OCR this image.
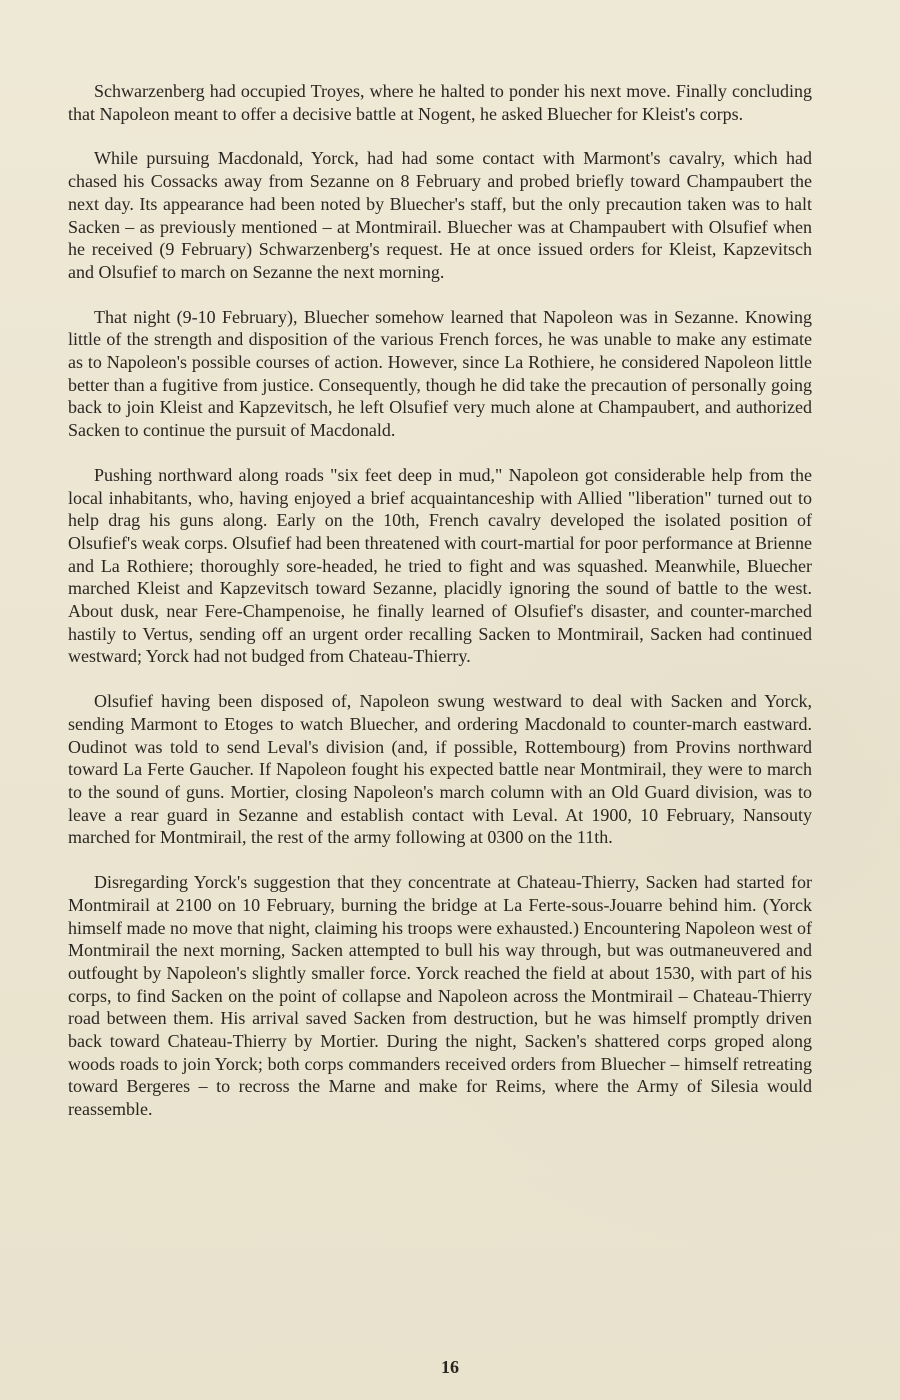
Schwarzenberg had occupied Troyes, where he halted to ponder his next move. Finally concluding that Napoleon meant to offer a decisive battle at Nogent, he asked Bluecher for Kleist's corps.

While pursuing Macdonald, Yorck, had had some contact with Marmont's cavalry, which had chased his Cossacks away from Sezanne on 8 February and probed briefly toward Champaubert the next day. Its appearance had been noted by Bluecher's staff, but the only precaution taken was to halt Sacken – as previously mentioned – at Montmirail. Bluecher was at Champaubert with Olsufief when he received (9 February) Schwarzenberg's request. He at once issued orders for Kleist, Kapzevitsch and Olsufief to march on Sezanne the next morning.

That night (9-10 February), Bluecher somehow learned that Napoleon was in Sezanne. Knowing little of the strength and disposition of the various French forces, he was unable to make any estimate as to Napoleon's possible courses of action. However, since La Rothiere, he considered Napoleon little better than a fugitive from justice. Consequently, though he did take the precaution of personally going back to join Kleist and Kapzevitsch, he left Olsufief very much alone at Champaubert, and authorized Sacken to continue the pursuit of Macdonald.

Pushing northward along roads "six feet deep in mud," Napoleon got considerable help from the local inhabitants, who, having enjoyed a brief acquaintanceship with Allied "liberation" turned out to help drag his guns along. Early on the 10th, French cavalry developed the isolated position of Olsufief's weak corps. Olsufief had been threatened with court-martial for poor performance at Brienne and La Rothiere; thoroughly sore-headed, he tried to fight and was squashed. Meanwhile, Bluecher marched Kleist and Kapzevitsch toward Sezanne, placidly ignoring the sound of battle to the west. About dusk, near Fere-Champenoise, he finally learned of Olsufief's disaster, and counter-marched hastily to Vertus, sending off an urgent order recalling Sacken to Montmirail, Sacken had continued westward; Yorck had not budged from Chateau-Thierry.

Olsufief having been disposed of, Napoleon swung westward to deal with Sacken and Yorck, sending Marmont to Etoges to watch Bluecher, and ordering Macdonald to counter-march eastward. Oudinot was told to send Leval's division (and, if possible, Rottembourg) from Provins northward toward La Ferte Gaucher. If Napoleon fought his expected battle near Montmirail, they were to march to the sound of guns. Mortier, closing Napoleon's march column with an Old Guard division, was to leave a rear guard in Sezanne and establish contact with Leval. At 1900, 10 February, Nansouty marched for Montmirail, the rest of the army following at 0300 on the 11th.

Disregarding Yorck's suggestion that they concentrate at Chateau-Thierry, Sacken had started for Montmirail at 2100 on 10 February, burning the bridge at La Ferte-sous-Jouarre behind him. (Yorck himself made no move that night, claiming his troops were exhausted.) Encountering Napoleon west of Montmirail the next morning, Sacken attempted to bull his way through, but was outmaneuvered and outfought by Napoleon's slightly smaller force. Yorck reached the field at about 1530, with part of his corps, to find Sacken on the point of collapse and Napoleon across the Montmirail – Chateau-Thierry road between them. His arrival saved Sacken from destruction, but he was himself promptly driven back toward Chateau-Thierry by Mortier. During the night, Sacken's shattered corps groped along woods roads to join Yorck; both corps commanders received orders from Bluecher – himself retreating toward Bergeres – to recross the Marne and make for Reims, where the Army of Silesia would reassemble.

16
